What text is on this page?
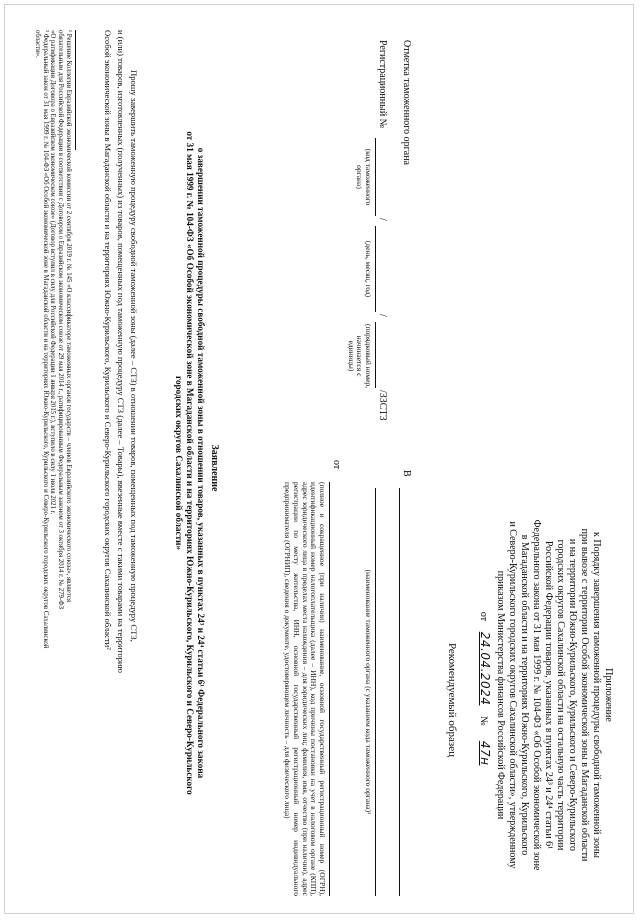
Приложение
к Порядку завершения таможенной процедуры свободной таможенной зоны
при вывозе с территории Особой экономической зоны в Магаданской области
и на территории Южно-Курильского, Курильского и Северо-Курильского
городских округов Сахалинской области на остальную часть территории
Российской Федерации товаров, указанных в пунктах 24³ и 24⁴ статьи 6¹
Федерального закона от 31 мая 1999 г. № 104-ФЗ «Об Особой экономической зоне
в Магаданской области и на территориях Южно-Курильского, Курильского
и Северо-Курильского городских округов Сахалинской области», утвержденному
приказом Министерства финансов Российской Федерации
от 24.04.2024 № 47н
Рекомендуемый образец
В
(наименование таможенного органа (с указанием кода таможенного органа)¹
от
(полное и сокращенное (при наличии) наименование, основной государственный регистрационный номер (ОГРН), идентификационный номер налогоплательщика (далее – ИНН), код причины постановки на учет в налоговом органе (КПП), адрес юридического лица в пределах места нахождения – для юридических лиц; фамилия, имя, отчество (при наличии), адрес регистрации по месту жительства, ИНН, основной государственный регистрационный номер индивидуального предпринимателя (ОГРНИП), сведения о документе, удостоверяющем личность – для физического лица)
Отметка таможенного органа
Регистрационный №
/
/
/ЗЗСТЗ
(код таможенного органа)
(день, месяц, год)
(порядковый номер, начинается с единицы)
Заявление
о завершении таможенной процедуры свободной таможенной зоны в отношении товаров, указанных в пунктах 24³ и 24⁴ статьи 6¹ Федерального закона
от 31 мая 1999 г. № 104-ФЗ «Об Особой экономической зоне в Магаданской области и на территориях Южно-Курильского, Курильского и Северо-Курильского
городских округов Сахалинской области»
Прошу завершить таможенную процедуру свободной таможенной зоны (далее – СТЗ) в отношении товаров, помещенных под таможенную процедуру СТЗ,
и (или) товаров, изготовленных (полученных) из товаров, помещенных под таможенную процедуру СТЗ (далее – Товары), ввезенные вместе с такими товарами на территорию
Особой экономической зоны в Магаданской области и на территориях Южно-Курильского, Курильского и Северо-Курильского городских округов Сахалинской области²
¹ Решение Коллегии Евразийской экономической комиссии от 2 сентября 2019 г. № 145 «О классификаторе таможенных органов государств – членов Евразийского экономического союза», является
обязательным для Российской Федерации в соответствии с Договором о Евразийском экономическом союзе от 29 мая 2014 г., ратифицированным Федеральным законом от 3 октября 2014 г. № 279-ФЗ
«О ратификации Договора о Евразийском экономическом союзе» (Договор вступил в силу для Российской Федерации 1 января 2015 г.), вступило в силу 1 июля 2021 г.
² Федеральный закон от 31 мая 1999 г. № 104-ФЗ «Об Особой экономической зоне в Магаданской области и на территориях Южно-Курильского, Курильского и Северо-Курильского городских округов Сахалинской
области».
